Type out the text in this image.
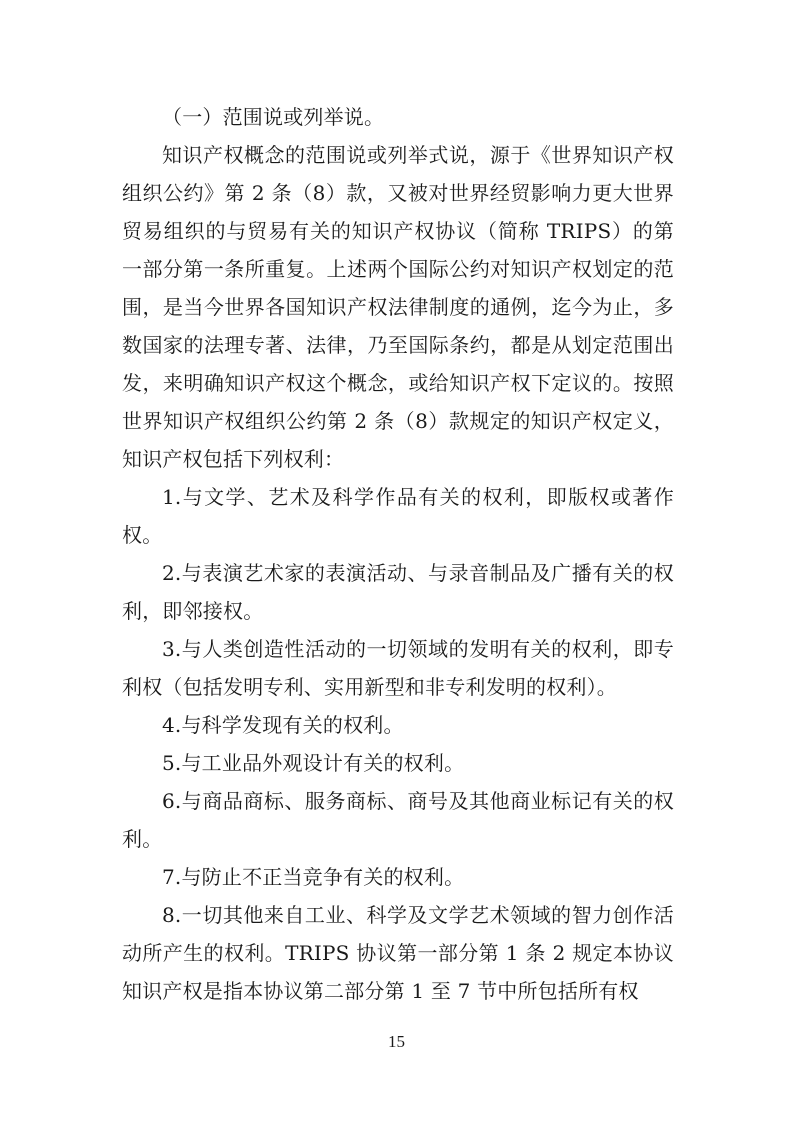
（一）范围说或列举说。

知识产权概念的范围说或列举式说，源于《世界知识产权组织公约》第 2 条（8）款，又被对世界经贸影响力更大世界贸易组织的与贸易有关的知识产权协议（简称 TRIPS）的第一部分第一条所重复。上述两个国际公约对知识产权划定的范围，是当今世界各国知识产权法律制度的通例，迄今为止，多数国家的法理专著、法律，乃至国际条约，都是从划定范围出发，来明确知识产权这个概念，或给知识产权下定议的。按照世界知识产权组织公约第 2 条（8）款规定的知识产权定义，知识产权包括下列权利：

1.与文学、艺术及科学作品有关的权利，即版权或著作权。

2.与表演艺术家的表演活动、与录音制品及广播有关的权利，即邻接权。

3.与人类创造性活动的一切领域的发明有关的权利，即专利权（包括发明专利、实用新型和非专利发明的权利）。

4.与科学发现有关的权利。

5.与工业品外观设计有关的权利。

6.与商品商标、服务商标、商号及其他商业标记有关的权利。

7.与防止不正当竞争有关的权利。

8.一切其他来自工业、科学及文学艺术领域的智力创作活动所产生的权利。TRIPS 协议第一部分第 1 条 2 规定本协议知识产权是指本协议第二部分第 1 至 7 节中所包括所有权

15
